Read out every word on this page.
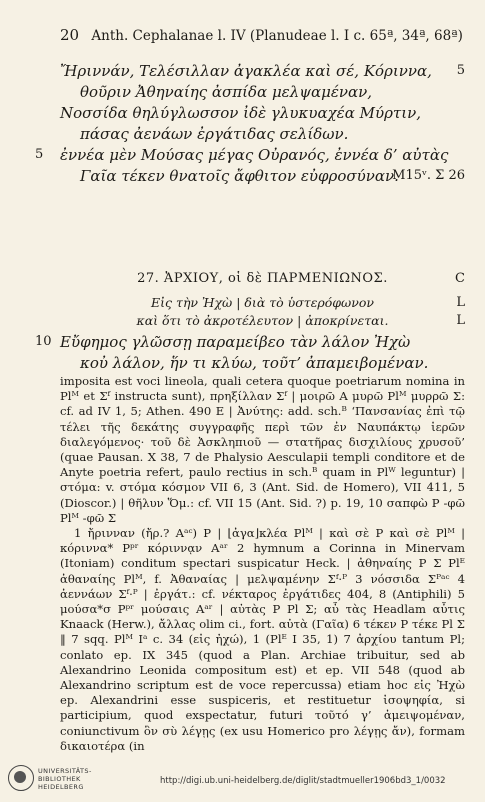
20 Anth. Cephalanae l. IV (Planudeae l. I c. 65ª, 34ª, 68ª)
Ἤριννάν, Τελέσιλλαν ἀγακλέα καὶ σέ, Κόριννα, 5
θοῦριν Ἀθηναίης ἀσπίδα μελψαμέναν,
Νοσσίδα θηλύγλωσσον ἰδὲ γλυκυαχέα Μύρτιν,
πάσας ἀενάων ἐργάτιδας σελίδων.
5 ἐννέα μὲν Μούσας μέγας Οὐρανός, ἐννέα δ’ αὐτὰς
Γαῖα τέκεν θνατοῖς ἄφθιτον εὐφροσύναν.
M15ᵛ. Σ 26
27. ἈΡΧΙΟΥ, οἱ δὲ ΠΑΡΜΕΝΙΩΝΟΣ.	C
Εἰς τὴν Ἠχὼ | διὰ τὸ ὑστερόφωνον	L
καὶ ὅτι τὸ ἀκροτέλευτον | ἀποκρίνεται.	L
10 Εὔφημος γλῶσσῃ παραμείβεο τὰν λάλον Ἠχὼ
κοὐ λάλον, ἥν τι κλύω, τοῦτ’ ἀπαμειβομέναν.

imposita est voci lineola, quali cetera quoque poetriarum nomina in Plᴹ et Σᶠ instructa sunt), πρηξίλλαν Σᶠ | μοιρῶ A μυρῶ Plᴹ μυρρῶ Σ: cf. ad IV 1, 5; Athen. 490 E | Ἀνύτης: add. sch.ᴮ ‘Πανσανίας ἐπὶ τῷ τέλει τῆς δεκάτης συγγραφῆς περὶ τῶν ἐν Ναυπάκτῳ ἱερῶν διαλεγόμενος· τοῦ δὲ Ἀσκληπιοῦ — στατῆρας δισχιλίους χρυσοῦ’ (quae Pausan. X 38, 7 de Phalysio Aesculapii templi conditore et de Anyte poetria refert, paulo rectius in sch.ᴮ quam in Plᵂ leguntur) | στόμα: v. στόμα κόσμον VII 6, 3 (Ant. Sid. de Homero), VII 411, 5 (Dioscor.) | θῆλυν Ὅμ.: cf. VII 15 (Ant. Sid. ?) p. 19, 10 σαπφὼ P -φῶ Plᴹ -φῶ Σ

1 ἤρινναν (ἤρ.? Aᵃᶜ) P | ⌊ἀγα⌋κλέα Plᴹ | καὶ σὲ P καὶ σὲ Plᴹ | κόριννα* Pᵖʳ κόριννᾳν Aᵃʳ 2 hymnum a Corinna in Minervam (Itoniam) conditum spectari suspicatur Heck. | ἀθηναίης P Σ Plᴱ ἀθαναίης Plᴹ, f. Ἀθαναίας | μελψαμένην Σᶠ·ᴾ 3 νόσσιδα Σᴾᵃᶜ 4 ἀεννάων Σᶠ·ᴾ | ἐργάτ.: cf. νέκταρος ἐργάτιδες 404, 8 (Antiphili) 5 μούσα*σ Pᵖʳ μούσαις Aᵃʳ | αὐτὰς P Pl Σ; αὖ τὰς Headlam αὖτις Knaack (Herw.), ἄλλας olim ci., fort. αὐτὰ (Γαῖα) 6 τέκεν P τέκε Pl Σ ‖ 7 sqq. Plᴹ Iᵃ c. 34 (εἰς ἠχώ), 1 (Plᴱ I 35, 1) 7 ἀρχίου tantum Pl; conlato ep. IX 345 (quod a Plan. Archiae tribuitur, sed ab Alexandrino Leonida compositum est) et ep. VII 548 (quod ab Alexandrino scriptum est de voce repercussa) etiam hoc εἰς Ἠχὼ ep. Alexandrini esse suspiceris, et restituetur ἰσοψηφία, si participium, quod exspectatur, futuri τοῦτό γ’ ἀμειψομέναν, coniunctivum ὃν σὺ λέγῃς (ex usu Homerico pro λέγῃς ἄν), formam δικαιοτέρα (in

UNIVERSITÄTS-
BIBLIOTHEK
HEIDELBERG
http://digi.ub.uni-heidelberg.de/diglit/stadtmueller1906bd3_1/0032
